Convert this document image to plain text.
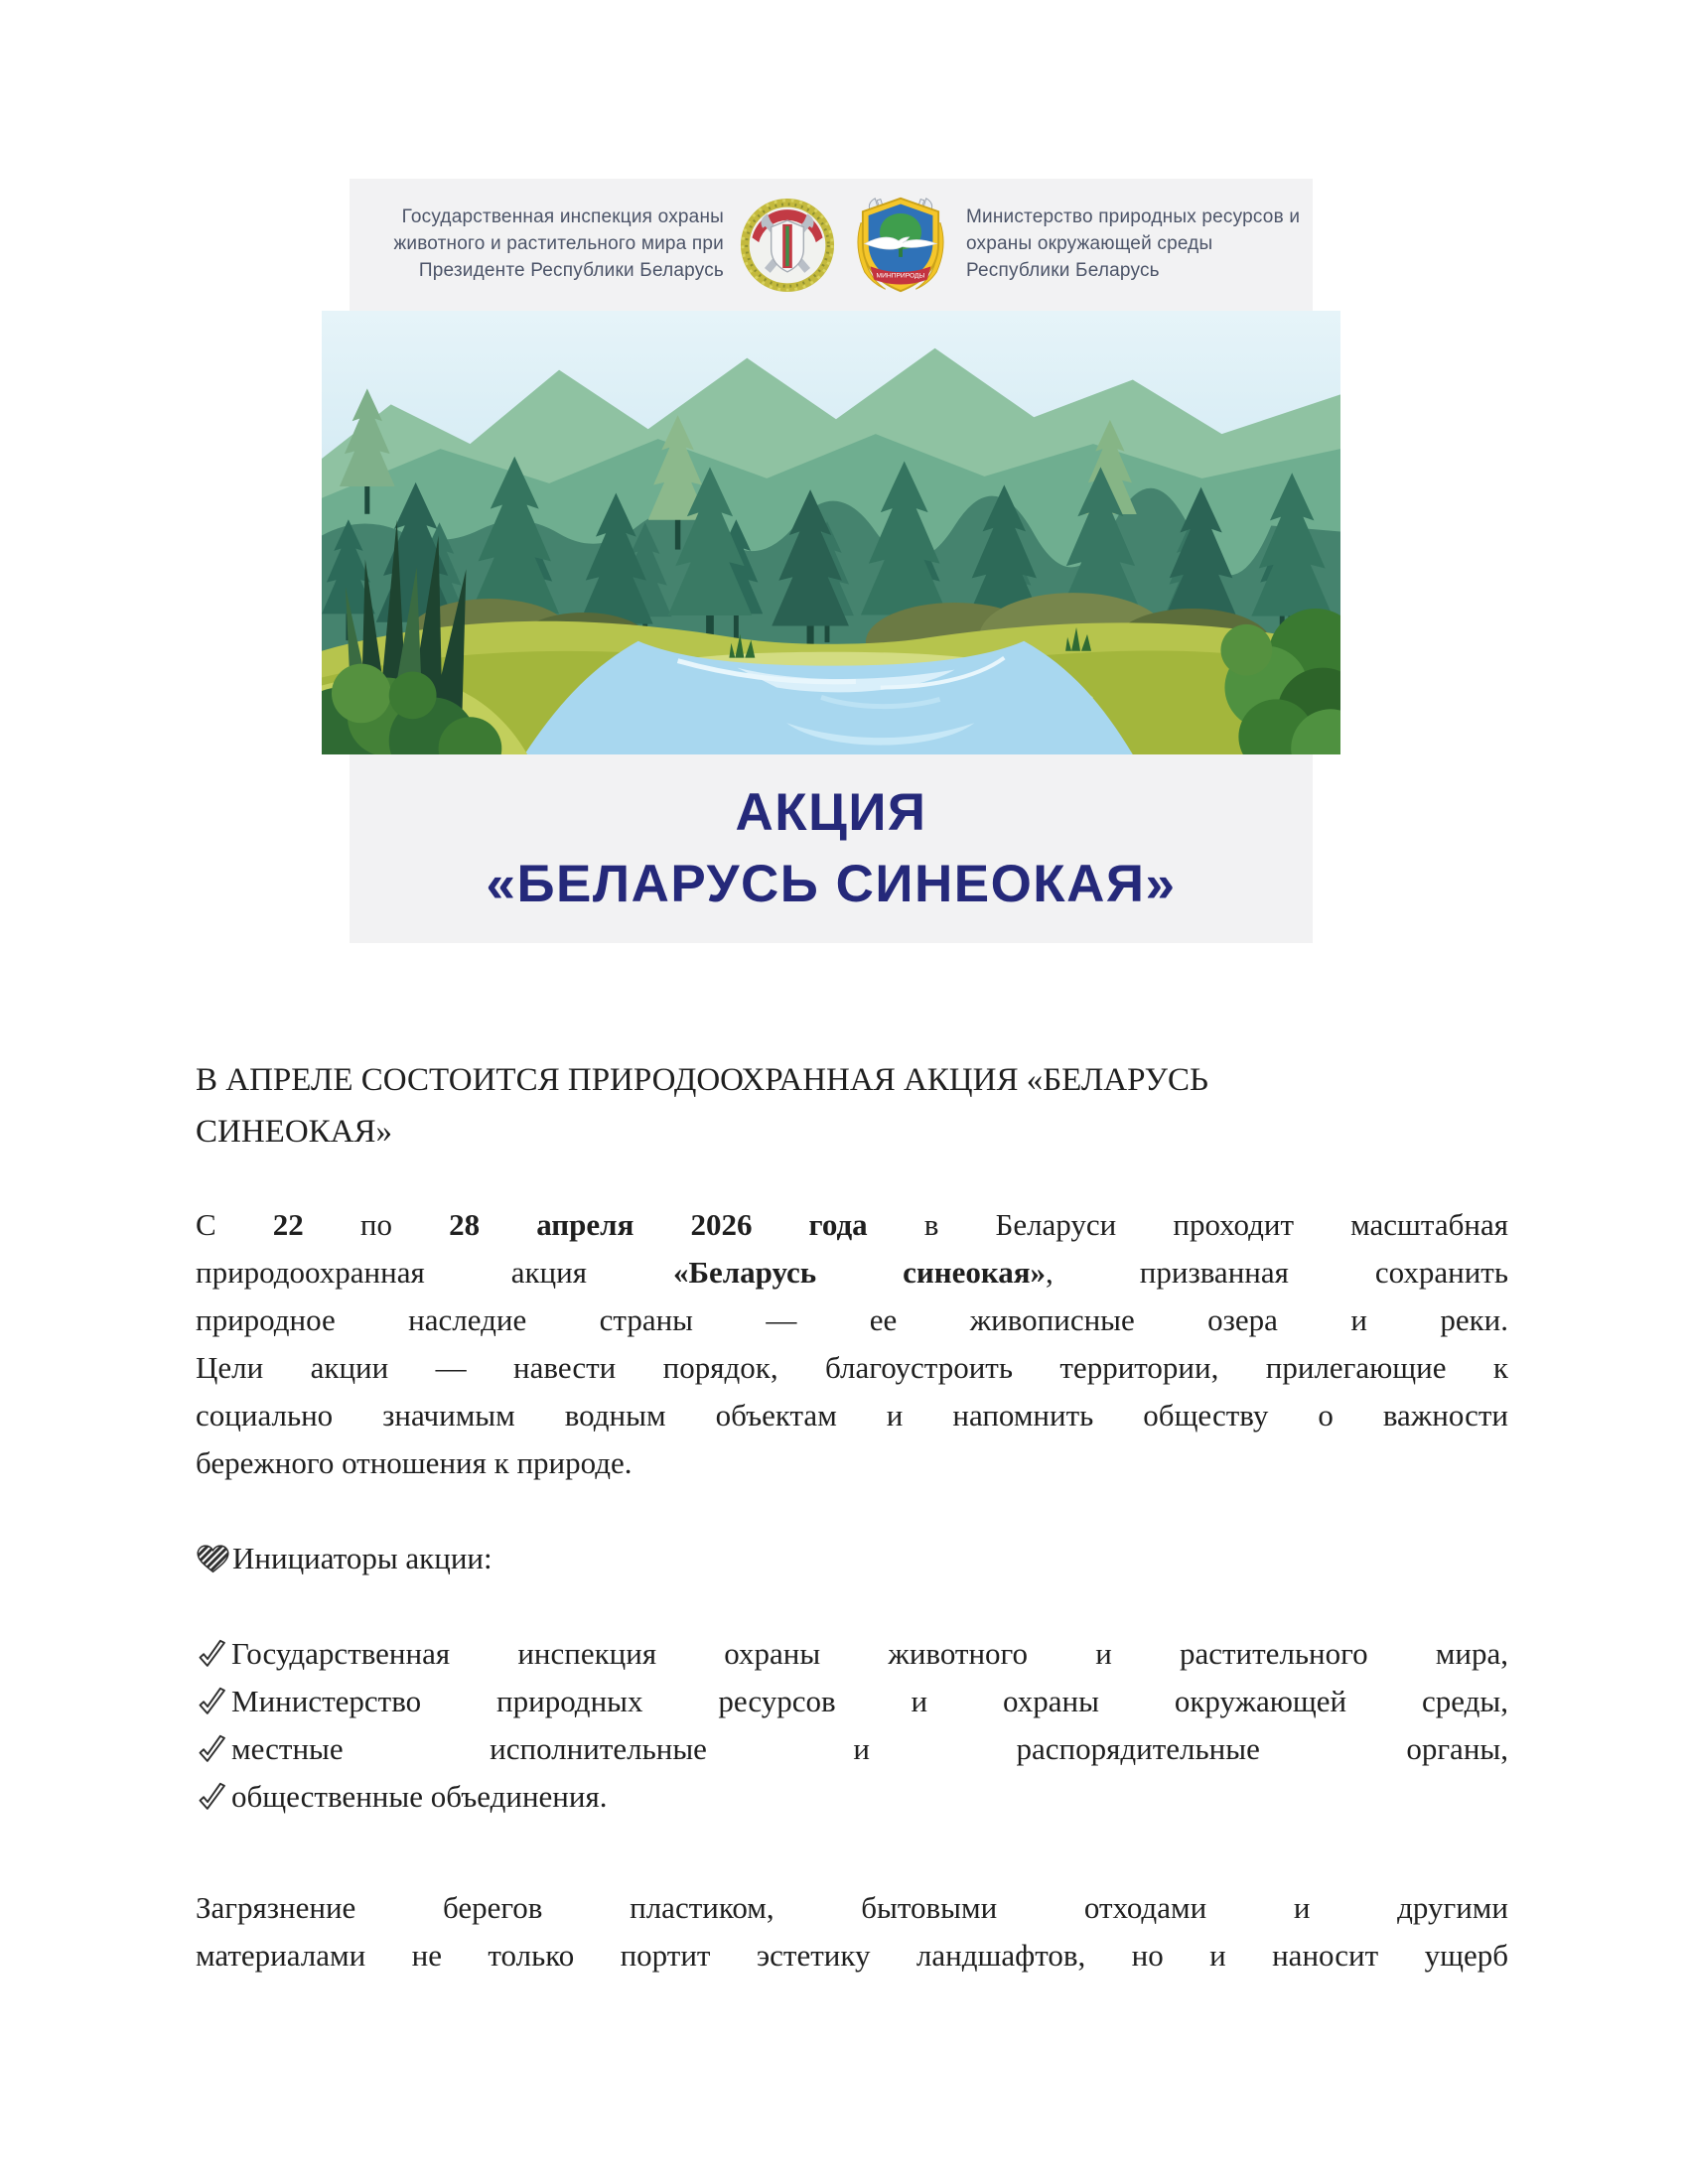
Государственная инспекция охраны животного и растительного мира при Президенте Республики Беларусь	МИНПРИРОДЫ
Министерство природных ресурсов и охраны окружающей среды Республики Беларусь
АКЦИЯ
«БЕЛАРУСЬ СИНЕОКАЯ»
В АПРЕЛЕ СОСТОИТСЯ ПРИРОДООХРАННАЯ АКЦИЯ «БЕЛАРУСЬ
СИНЕОКАЯ»
С 22 по 28 апреля 2026 года в Беларуси проходит масштабная
природоохранная акция «Беларусь синеокая», призванная сохранить
природное наследие страны — ее живописные озера и реки.
Цели акции — навести порядок, благоустроить территории, прилегающие к
социально значимым водным объектам и напомнить обществу о важности
бережного отношения к природе.
Инициаторы акции:
Государственная инспекция охраны животного и растительного мира,
Министерство природных ресурсов и охраны окружающей среды,
местные исполнительные и распорядительные органы,
общественные объединения.
Загрязнение берегов пластиком, бытовыми отходами и другими
материалами не только портит эстетику ландшафтов, но и наносит ущерб
